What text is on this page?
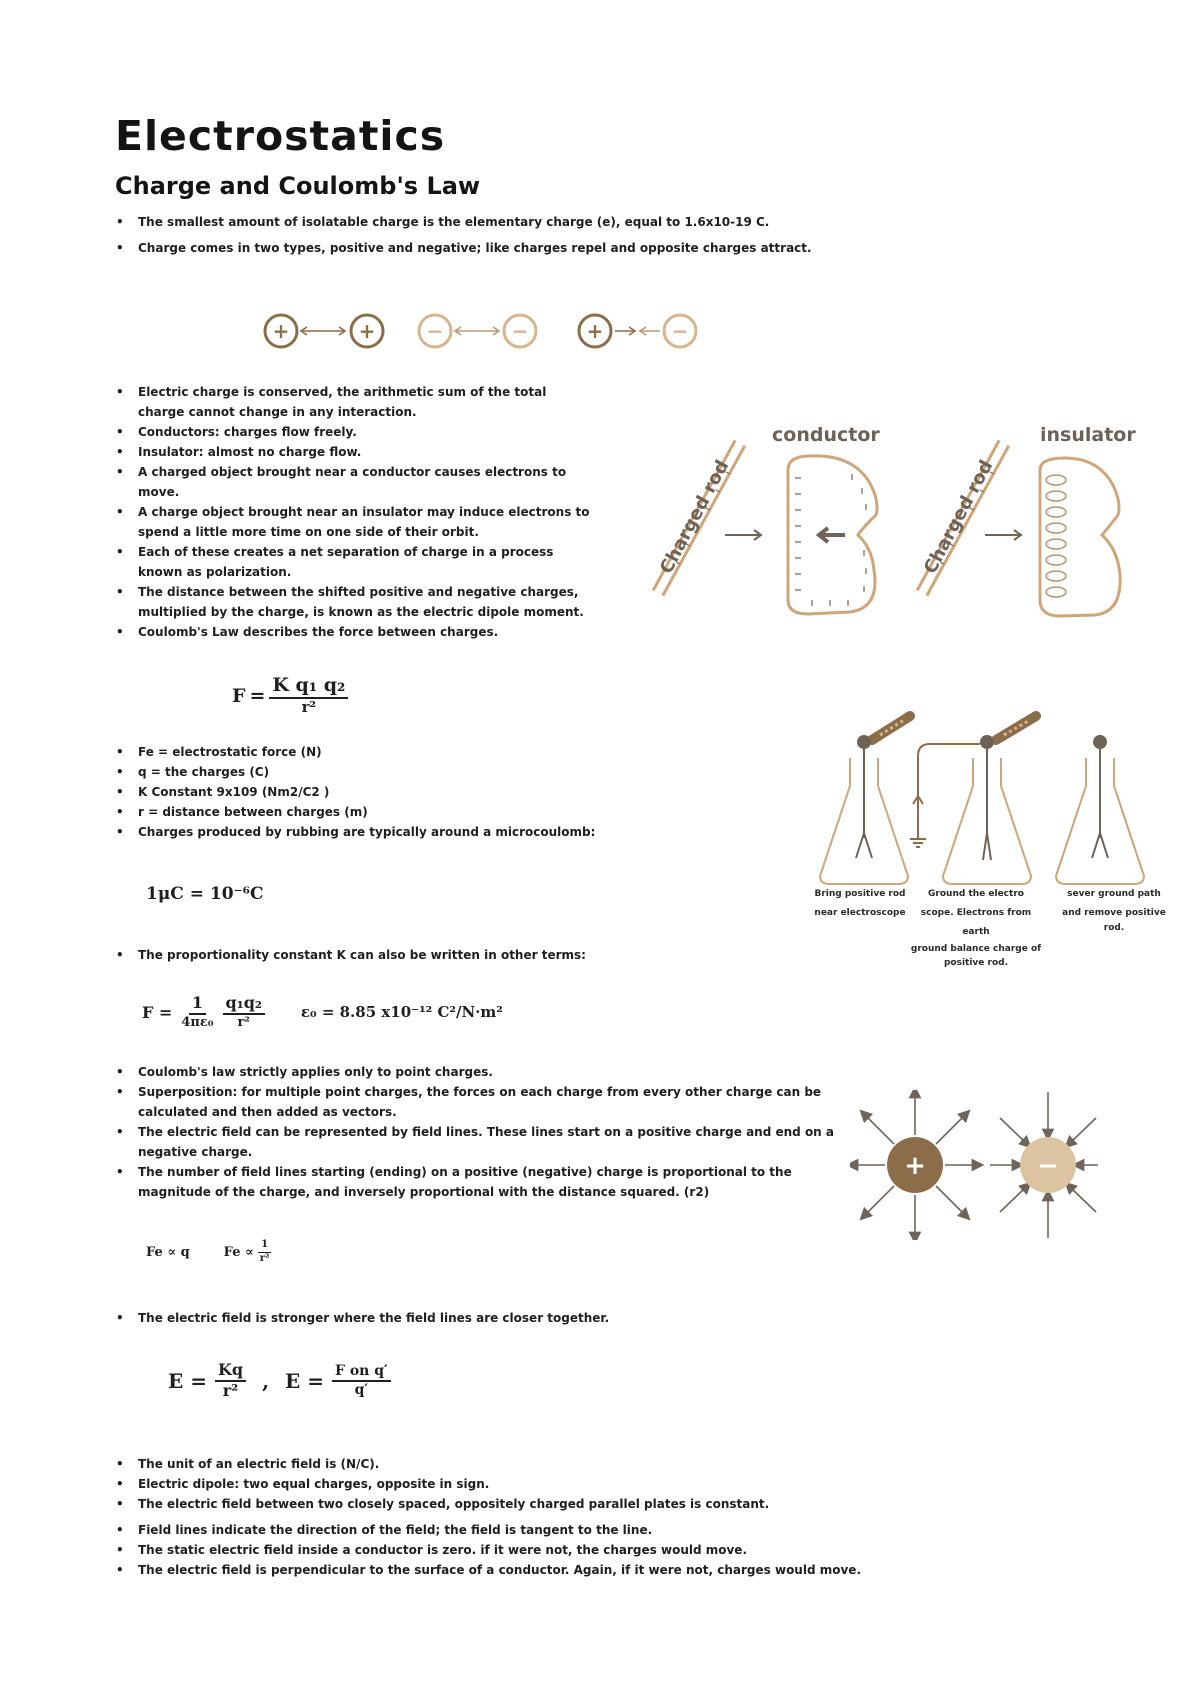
Electrostatics
Charge and Coulomb's Law
• The smallest amount of isolatable charge is the elementary charge (e), equal to 1.6x10-19 C.
• Charge comes in two types, positive and negative; like charges repel and opposite charges attract.
+	+	−	−	+	−
• Electric charge is conserved, the arithmetic sum of the total charge cannot change in any interaction.
• Conductors: charges flow freely.
• Insulator: almost no charge flow.
• A charged object brought near a conductor causes electrons to move.
• A charge object brought near an insulator may induce electrons to spend a little more time on one side of their orbit.
• Each of these creates a net separation of charge in a process known as polarization.
• The distance between the shifted positive and negative charges, multiplied by the charge, is known as the electric dipole moment.
• Coulomb's Law describes the force between charges.
conductor	insulator
Charged rod	Charged rod
$F = \frac{\text{K q₁ q₂}}{\text{r²}}$
• Fe = electrostatic force (N)
• q = the charges (C)
• K Constant 9x109 (Nm2/C2 )
• r = distance between charges (m)
• Charges produced by rubbing are typically around a microcoulomb:
1μC = 10⁻⁶C	Bring positive rod
near electroscope
Ground the electro
scope. Electrons from earth
ground balance charge of positive rod.
sever ground path
and remove positive
rod.
• The proportionality constant K can also be written in other terms:
$F = \frac{1}{\text{4πε₀}} \frac{\text{q₁q₂}}{\text{r²}} \varepsilon_0 = 8.85$ x10⁻¹² C²/N·m²
• Coulomb's law strictly applies only to point charges.
• Superposition: for multiple point charges, the forces on each charge from every other charge can be calculated and then added as vectors.
• The electric field can be represented by field lines. These lines start on a positive charge and end on a negative charge.
• The number of field lines starting (ending) on a positive (negative) charge is proportional to the magnitude of the charge, and inversely proportional with the distance squared. (r2)
+	−
Fe ∝ q	$Fe \propto \frac{1}{\text{r²}}$
• The electric field is stronger where the field lines are closer together.
$E = \frac{Kq}{\text{r²}}$ , $E = \frac{\text{F on q′}}{q'}$
• The unit of an electric field is (N/C).
• Electric dipole: two equal charges, opposite in sign.
• The electric field between two closely spaced, oppositely charged parallel plates is constant.
• Field lines indicate the direction of the field; the field is tangent to the line.
• The static electric field inside a conductor is zero. if it were not, the charges would move.
• The electric field is perpendicular to the surface of a conductor. Again, if it were not, charges would move.
